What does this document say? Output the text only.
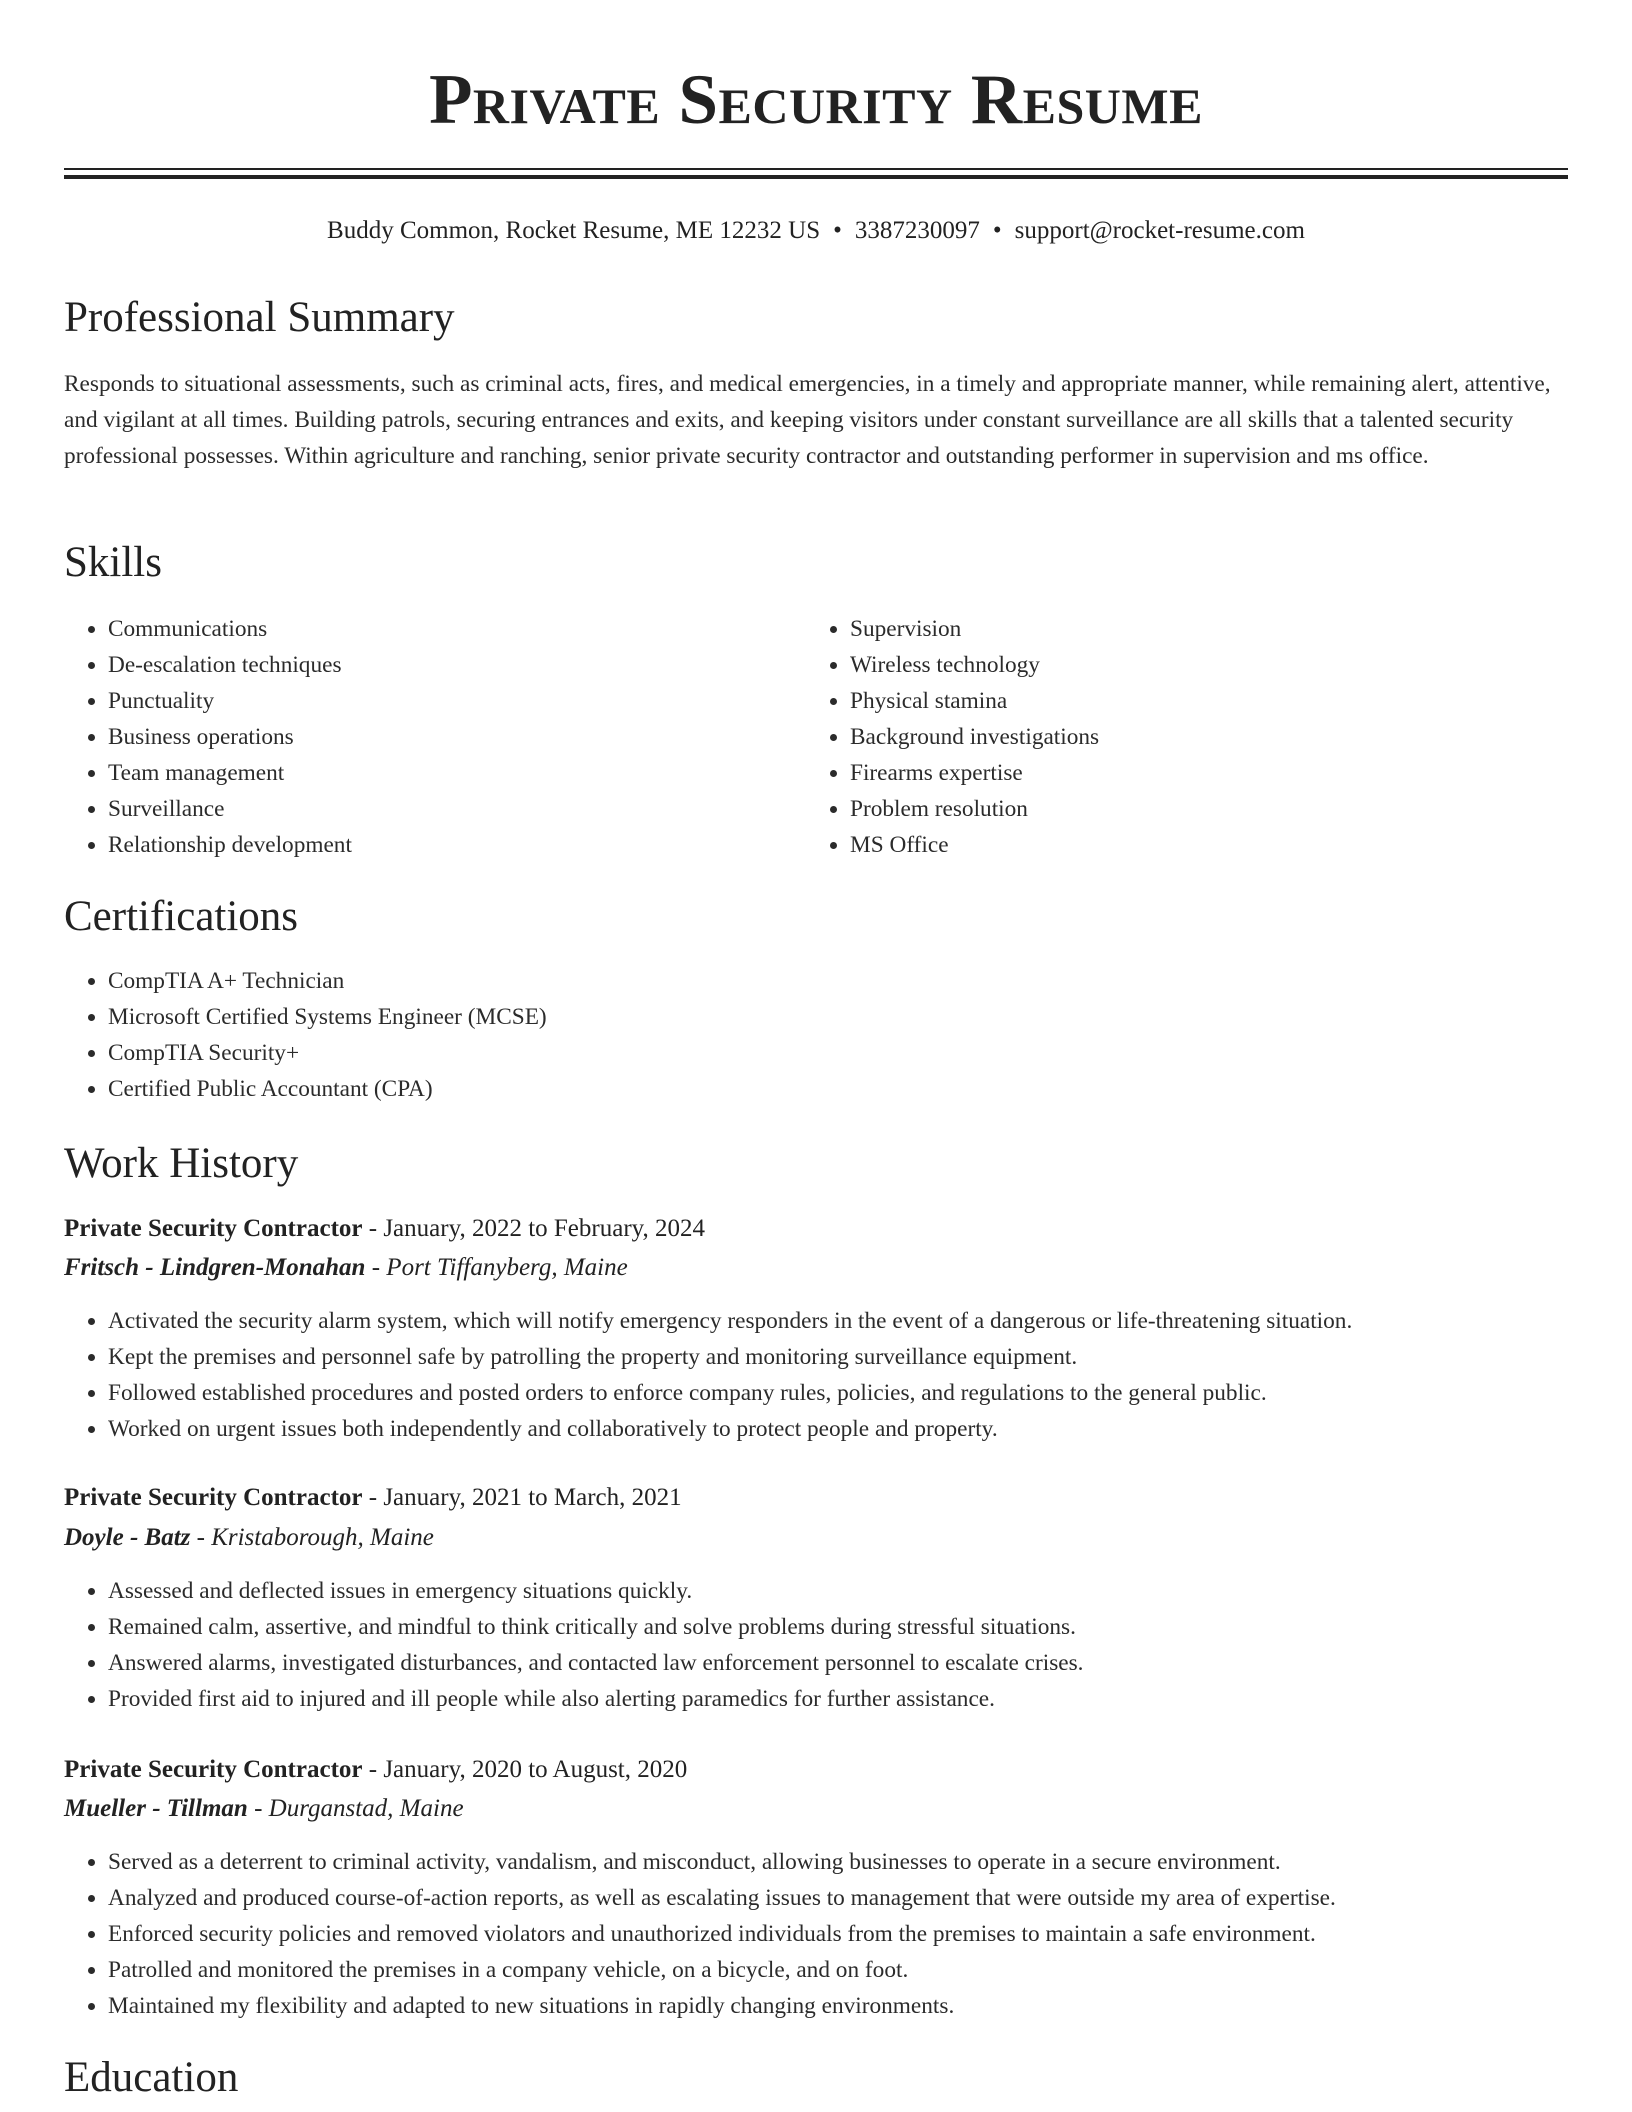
Private Security Resume
Buddy Common, Rocket Resume, ME 12232 US • 3387230097 • support@rocket-resume.com
Professional Summary

Responds to situational assessments, such as criminal acts, fires, and medical emergencies, in a timely and appropriate manner, while remaining alert, attentive, and vigilant at all times. Building patrols, securing entrances and exits, and keeping visitors under constant surveillance are all skills that a talented security professional possesses. Within agriculture and ranching, senior private security contractor and outstanding performer in supervision and ms office.

Skills
• Communications
• De-escalation techniques
• Punctuality
• Business operations
• Team management
• Surveillance
• Relationship development
• Supervision
• Wireless technology
• Physical stamina
• Background investigations
• Firearms expertise
• Problem resolution
• MS Office
Certifications
• CompTIA A+ Technician
• Microsoft Certified Systems Engineer (MCSE)
• CompTIA Security+
• Certified Public Accountant (CPA)
Work History
Private Security Contractor - January, 2022 to February, 2024
Fritsch - Lindgren-Monahan - Port Tiffanyberg, Maine
• Activated the security alarm system, which will notify emergency responders in the event of a dangerous or life-threatening situation.
• Kept the premises and personnel safe by patrolling the property and monitoring surveillance equipment.
• Followed established procedures and posted orders to enforce company rules, policies, and regulations to the general public.
• Worked on urgent issues both independently and collaboratively to protect people and property.
Private Security Contractor - January, 2021 to March, 2021
Doyle - Batz - Kristaborough, Maine
• Assessed and deflected issues in emergency situations quickly.
• Remained calm, assertive, and mindful to think critically and solve problems during stressful situations.
• Answered alarms, investigated disturbances, and contacted law enforcement personnel to escalate crises.
• Provided first aid to injured and ill people while also alerting paramedics for further assistance.
Private Security Contractor - January, 2020 to August, 2020
Mueller - Tillman - Durganstad, Maine
• Served as a deterrent to criminal activity, vandalism, and misconduct, allowing businesses to operate in a secure environment.
• Analyzed and produced course-of-action reports, as well as escalating issues to management that were outside my area of expertise.
• Enforced security policies and removed violators and unauthorized individuals from the premises to maintain a safe environment.
• Patrolled and monitored the premises in a company vehicle, on a bicycle, and on foot.
• Maintained my flexibility and adapted to new situations in rapidly changing environments.
Education
